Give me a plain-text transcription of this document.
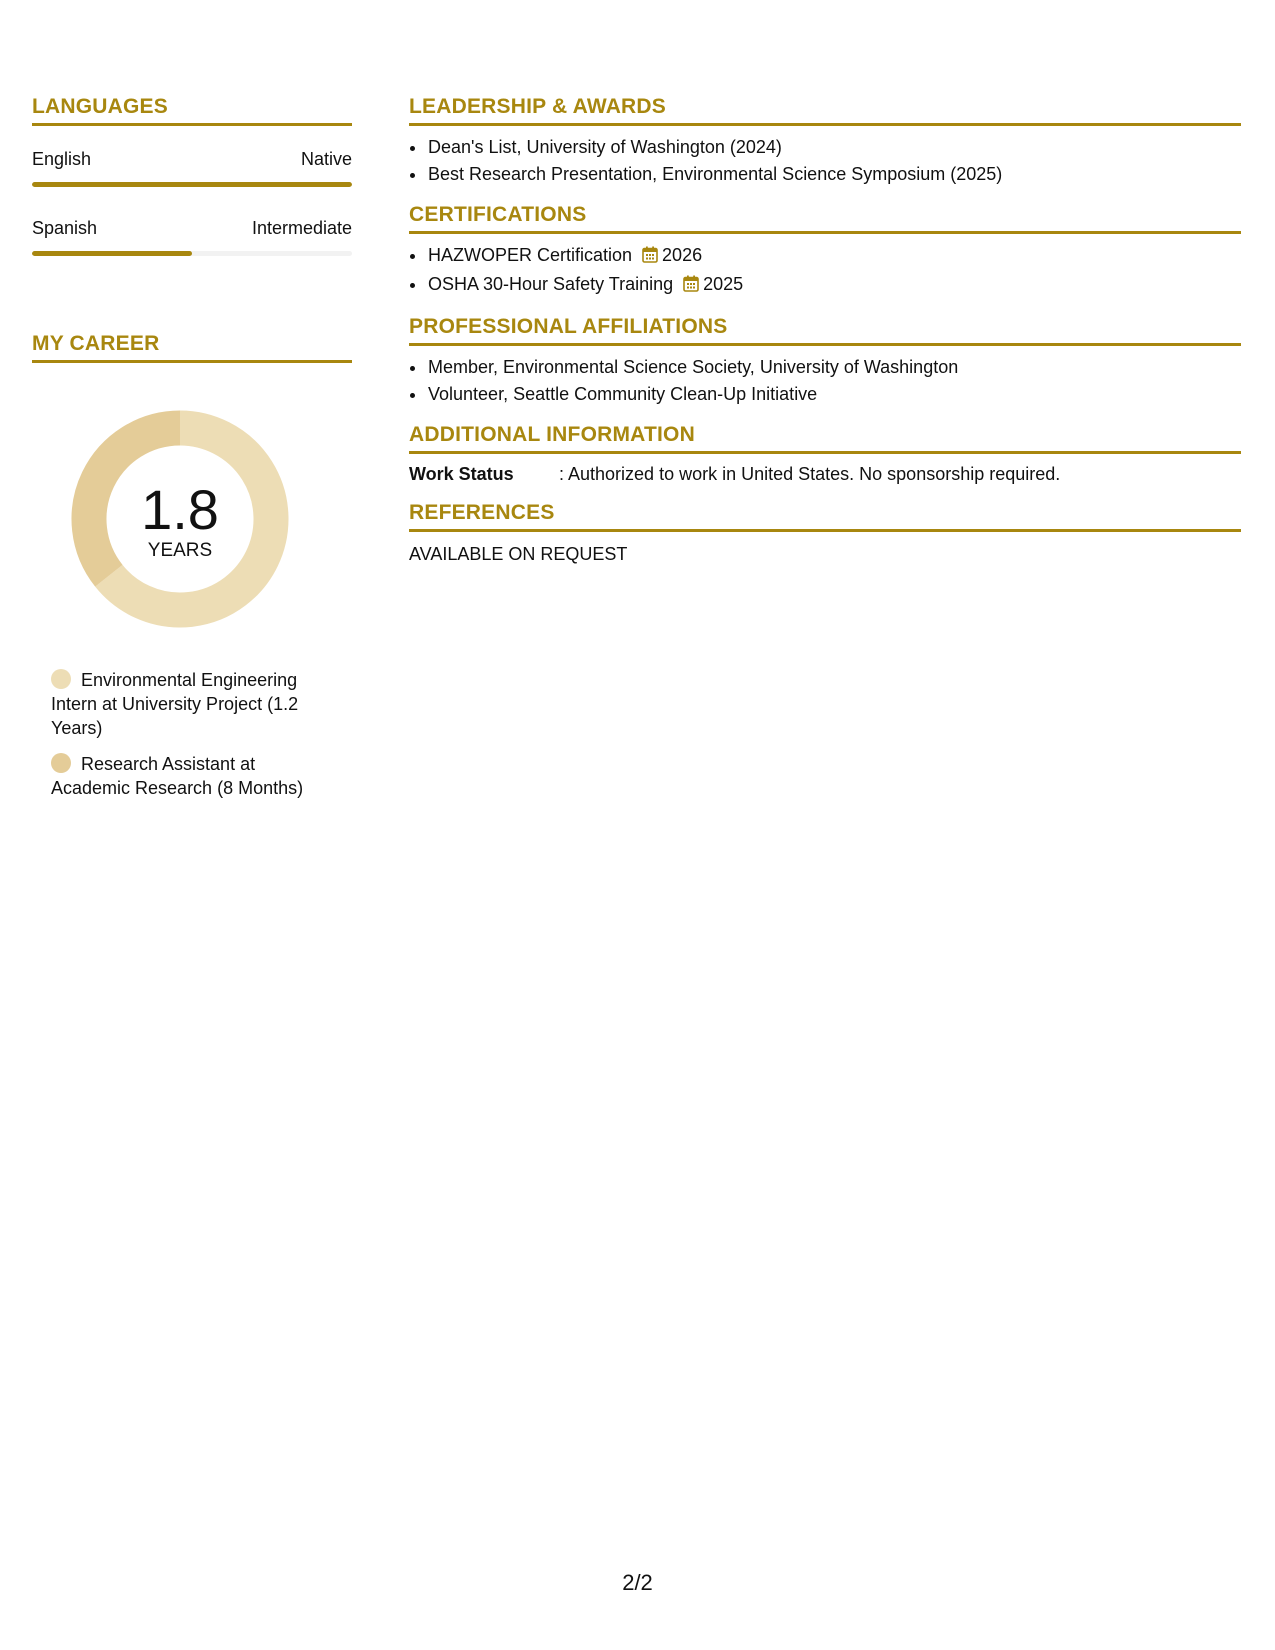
LANGUAGES
English	Native
Spanish	Intermediate
MY CAREER
1.8
YEARS
Environmental Engineering Intern at University Project (1.2 Years)
Research Assistant at Academic Research (8 Months)
LEADERSHIP & AWARDS
• Dean's List, University of Washington (2024)
• Best Research Presentation, Environmental Science Symposium (2025)
CERTIFICATIONS
• HAZWOPER Certification 2026
• OSHA 30-Hour Safety Training 2025
PROFESSIONAL AFFILIATIONS
• Member, Environmental Science Society, University of Washington
• Volunteer, Seattle Community Clean-Up Initiative
ADDITIONAL INFORMATION
Work Status	: Authorized to work in United States. No sponsorship required.
REFERENCES
AVAILABLE ON REQUEST
2/2
